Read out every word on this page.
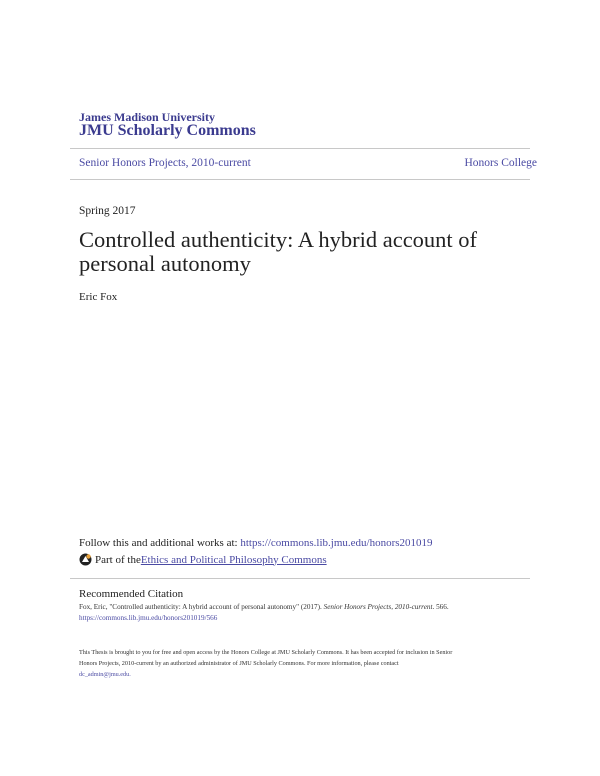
James Madison University
JMU Scholarly Commons
Senior Honors Projects, 2010-current	Honors College
Spring 2017
Controlled authenticity: A hybrid account of personal autonomy
Eric Fox
Follow this and additional works at: https://commons.lib.jmu.edu/honors201019
Part of the Ethics and Political Philosophy Commons
Recommended Citation
Fox, Eric, "Controlled authenticity: A hybrid account of personal autonomy" (2017). Senior Honors Projects, 2010-current. 566.
https://commons.lib.jmu.edu/honors201019/566
This Thesis is brought to you for free and open access by the Honors College at JMU Scholarly Commons. It has been accepted for inclusion in Senior
Honors Projects, 2010-current by an authorized administrator of JMU Scholarly Commons. For more information, please contact
dc_admin@jmu.edu.
